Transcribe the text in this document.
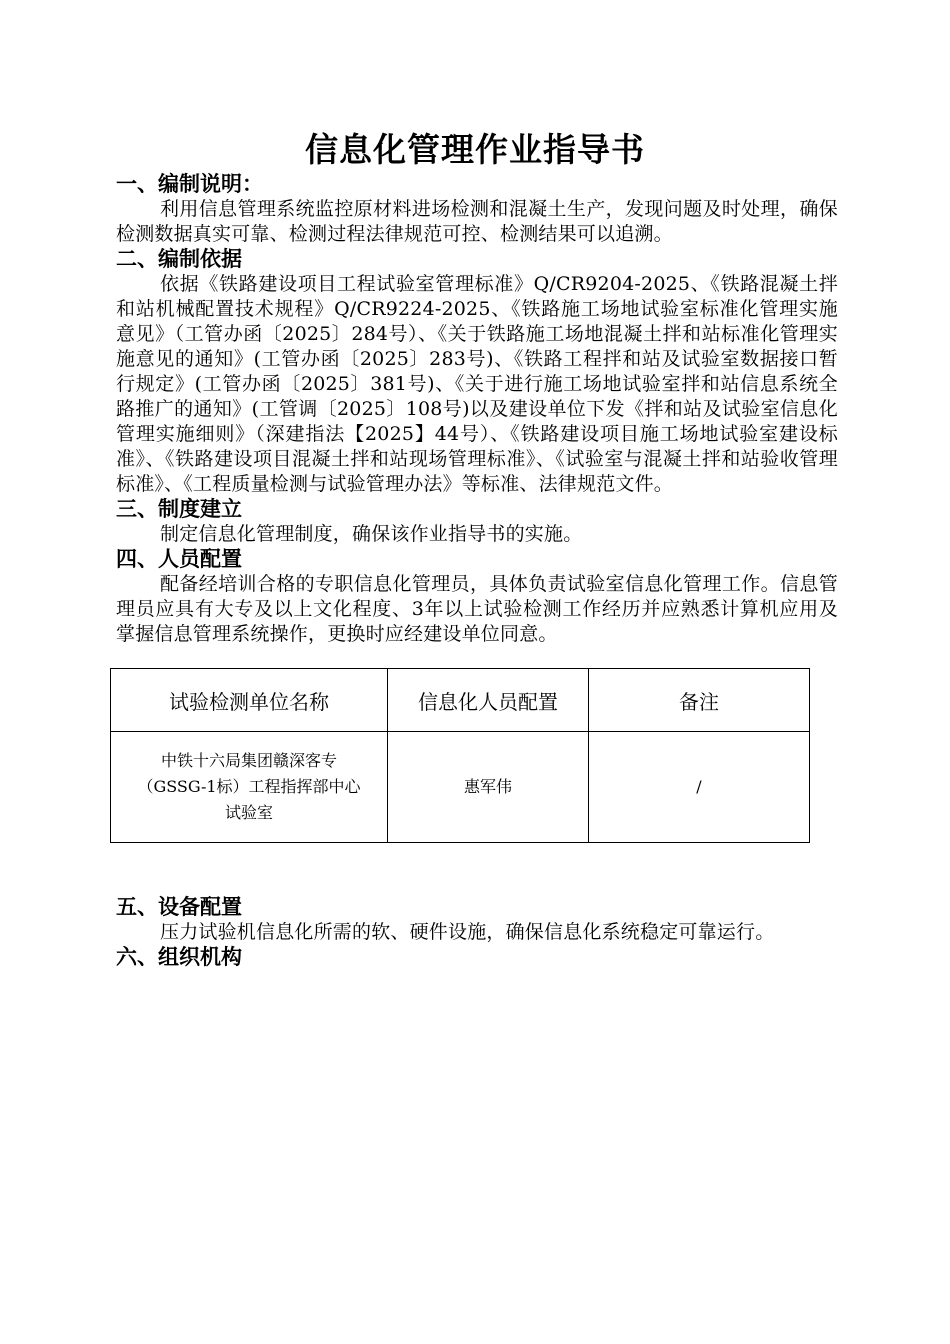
信息化管理作业指导书

一、编制说明：

利用信息管理系统监控原材料进场检测和混凝土生产，发现问题及时处理，确保检测数据真实可靠、检测过程法律规范可控、检测结果可以追溯。

二、编制依据

依据《铁路建设项目工程试验室管理标准》Q/CR9204-2025、《铁路混凝土拌和站机械配置技术规程》Q/CR9224-2025、《铁路施工场地试验室标准化管理实施意见》（工管办函〔2025〕284号）、《关于铁路施工场地混凝土拌和站标准化管理实施意见的通知》(工管办函〔2025〕283号)、《铁路工程拌和站及试验室数据接口暂行规定》(工管办函〔2025〕381号)、《关于进行施工场地试验室拌和站信息系统全路推广的通知》(工管调〔2025〕108号)以及建设单位下发《拌和站及试验室信息化管理实施细则》（深建指法【2025】44号）、《铁路建设项目施工场地试验室建设标准》、《铁路建设项目混凝土拌和站现场管理标准》、《试验室与混凝土拌和站验收管理标准》、《工程质量检测与试验管理办法》等标准、法律规范文件。

三、制度建立

制定信息化管理制度，确保该作业指导书的实施。

四、人员配置

配备经培训合格的专职信息化管理员，具体负责试验室信息化管理工作。信息管理员应具有大专及以上文化程度、3年以上试验检测工作经历并应熟悉计算机应用及掌握信息管理系统操作，更换时应经建设单位同意。

试验检测单位名称	信息化人员配置	备注

中铁十六局集团赣深客专
（GSSG-1标）工程指挥部中心
试验室	惠军伟	/

五、设备配置

压力试验机信息化所需的软、硬件设施，确保信息化系统稳定可靠运行。

六、组织机构
